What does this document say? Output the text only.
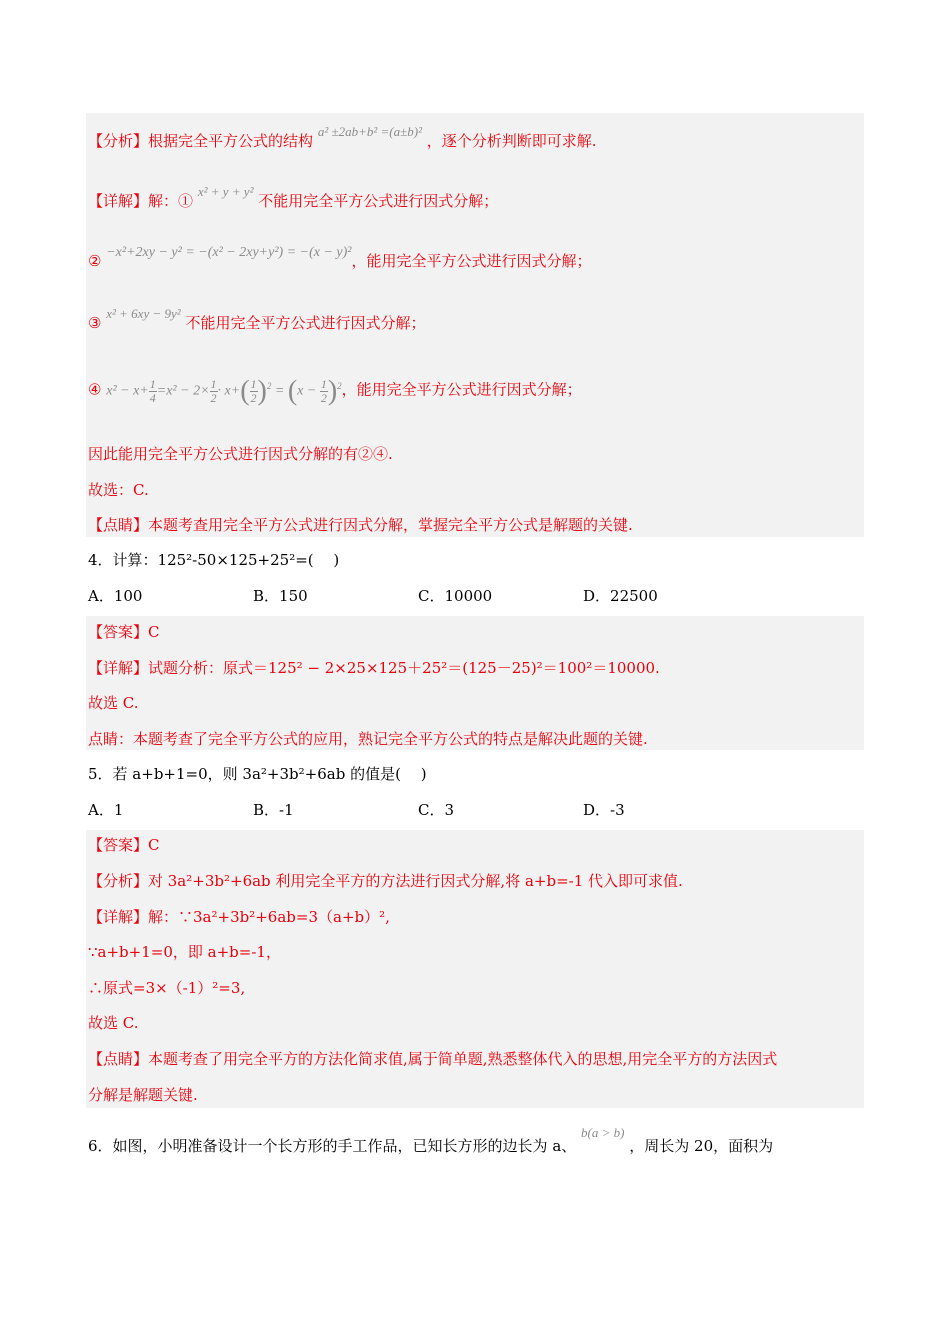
【分析】根据完全平方公式的结构 a² ±2ab+b² =(a±b)² ，逐个分析判断即可求解.
【详解】解：① x² + y + y² 不能用完全平方公式进行因式分解；
② −x²+2xy − y² = −(x² − 2xy+y²) = −(x − y)²，能用完全平方公式进行因式分解；
③ x² + 6xy − 9y² 不能用完全平方公式进行因式分解；
④ $x^2 - x+ \frac{1}{4} =x^2 - 2\times \frac{1}{2} \cdot x+( \frac{1}{2} )^2 = (x - \frac{1}{2} )^2$，能用完全平方公式进行因式分解；
因此能用完全平方公式进行因式分解的有②④.
故选：C.
【点睛】本题考查用完全平方公式进行因式分解，掌握完全平方公式是解题的关键.
4．计算：125²-50×125+25²=(　 )
A．100	B．150	C．10000	D．22500
【答案】C
【详解】试题分析：原式＝125² − 2×25×125＋25²＝(125－25)²＝100²＝10000.
故选 C.
点睛：本题考查了完全平方公式的应用，熟记完全平方公式的特点是解决此题的关键.
5．若 a+b+1=0，则 3a²+3b²+6ab 的值是(　 )
A．1	B．-1	C．3	D．-3
【答案】C
【分析】对 3a²+3b²+6ab 利用完全平方的方法进行因式分解,将 a+b=-1 代入即可求值.
【详解】解：∵3a²+3b²+6ab=3（a+b）²,
∵a+b+1=0，即 a+b=-1，
∴原式=3×（-1）²=3,
故选 C.
【点睛】本题考查了用完全平方的方法化简求值,属于简单题,熟悉整体代入的思想,用完全平方的方法因式
分解是解题关键.
6．如图，小明准备设计一个长方形的手工作品，已知长方形的边长为 a、 b(a > b) ，周长为 20，面积为
